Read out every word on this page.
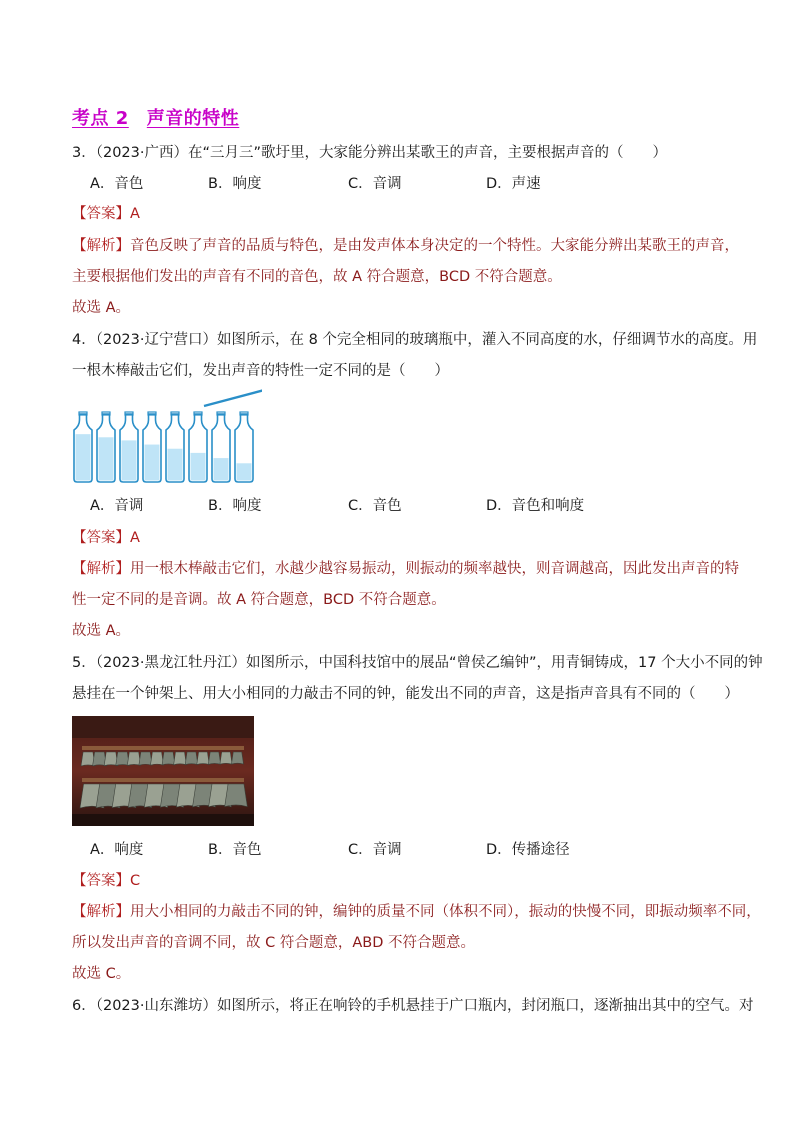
考点 2 声音的特性
3．（2023·广西）在“三月三”歌圩里，大家能分辨出某歌王的声音，主要根据声音的（　　）
A．音色	B．响度	C．音调	D．声速
【答案】A
【解析】音色反映了声音的品质与特色，是由发声体本身决定的一个特性。大家能分辨出某歌王的声音，
主要根据他们发出的声音有不同的音色，故 A 符合题意，BCD 不符合题意。
故选 A。
4．（2023·辽宁营口）如图所示，在 8 个完全相同的玻璃瓶中，灌入不同高度的水，仔细调节水的高度。用
一根木棒敲击它们，发出声音的特性一定不同的是（　　）
A．音调	B．响度	C．音色	D．音色和响度
【答案】A
【解析】用一根木棒敲击它们，水越少越容易振动，则振动的频率越快，则音调越高，因此发出声音的特
性一定不同的是音调。故 A 符合题意，BCD 不符合题意。
故选 A。
5．（2023·黑龙江牡丹江）如图所示，中国科技馆中的展品“曾侯乙编钟”，用青铜铸成，17 个大小不同的钟
悬挂在一个钟架上、用大小相同的力敲击不同的钟，能发出不同的声音，这是指声音具有不同的（　　）
A．响度	B．音色	C．音调	D．传播途径
【答案】C
【解析】用大小相同的力敲击不同的钟，编钟的质量不同（体积不同），振动的快慢不同，即振动频率不同，
所以发出声音的音调不同，故 C 符合题意，ABD 不符合题意。
故选 C。
6．（2023·山东潍坊）如图所示，将正在响铃的手机悬挂于广口瓶内，封闭瓶口，逐渐抽出其中的空气。对
